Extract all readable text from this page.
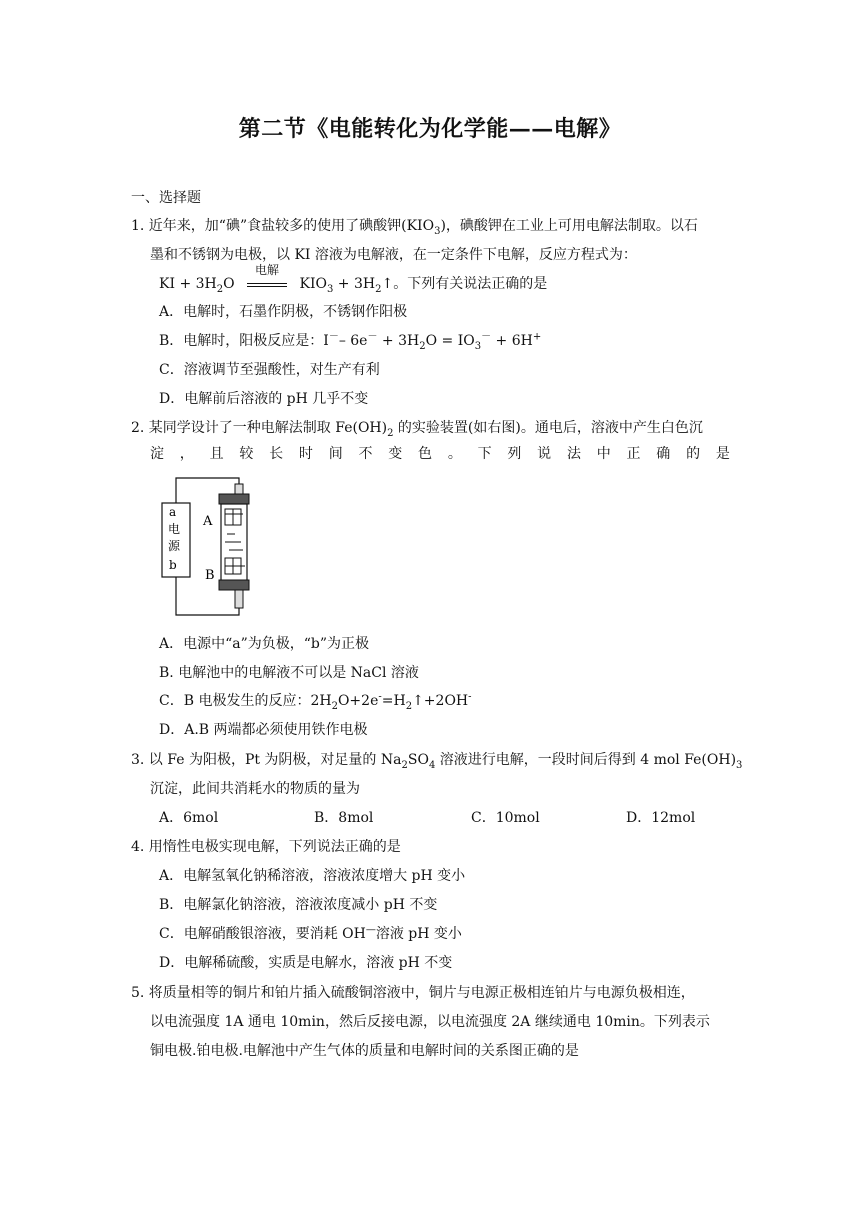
第二节《电能转化为化学能——电解》
一、选择题
1. 近年来，加“碘”食盐较多的使用了碘酸钾$(KIO_3)$，碘酸钾在工业上可用电解法制取。以石
墨和不锈钢为电极，以 KI 溶液为电解液，在一定条件下电解，反应方程式为：
KI + $3H_2O$
电解
$KIO_3$ + $3H_2↑$。下列有关说法正确的是
A．电解时，石墨作阴极，不锈钢作阳极
B．电解时，阳极反应是：I－– $6e^- + 3H_2O = IO_3^- + 6H^+$
C．溶液调节至强酸性，对生产有利
D．电解前后溶液的 pH 几乎不变
2. 某同学设计了一种电解法制取 $Fe(OH)_2$ 的实验装置(如右图)。通电后，溶液中产生白色沉
淀 ， 且 较 长 时 间 不 变 色 。 下 列 说 法 中 正 确 的 是
a
电
源
b
A
B
A．电源中“a”为负极，“b”为正极
B. 电解池中的电解液不可以是 NaCl 溶液
C．B 电极发生的反应：$2H_2O+2e^-=H_2↑+2OH^-$
D．A.B 两端都必须使用铁作电极
3. 以 Fe 为阳极，Pt 为阴极，对足量的 $Na_2SO_4$ 溶液进行电解，一段时间后得到 4 mol $Fe(OH)_3$
沉淀，此间共消耗水的物质的量为
A．6mol	B．8mol	C．10mol	D．12mol
4. 用惰性电极实现电解，下列说法正确的是
A．电解氢氧化钠稀溶液，溶液浓度增大 pH 变小
B．电解氯化钠溶液，溶液浓度减小 pH 不变
C．电解硝酸银溶液，要消耗 OH—溶液 pH 变小
D．电解稀硫酸，实质是电解水，溶液 pH 不变
5. 将质量相等的铜片和铂片插入硫酸铜溶液中，铜片与电源正极相连铂片与电源负极相连，
以电流强度 1A 通电 10min，然后反接电源，以电流强度 2A 继续通电 10min。下列表示
铜电极.铂电极.电解池中产生气体的质量和电解时间的关系图正确的是
